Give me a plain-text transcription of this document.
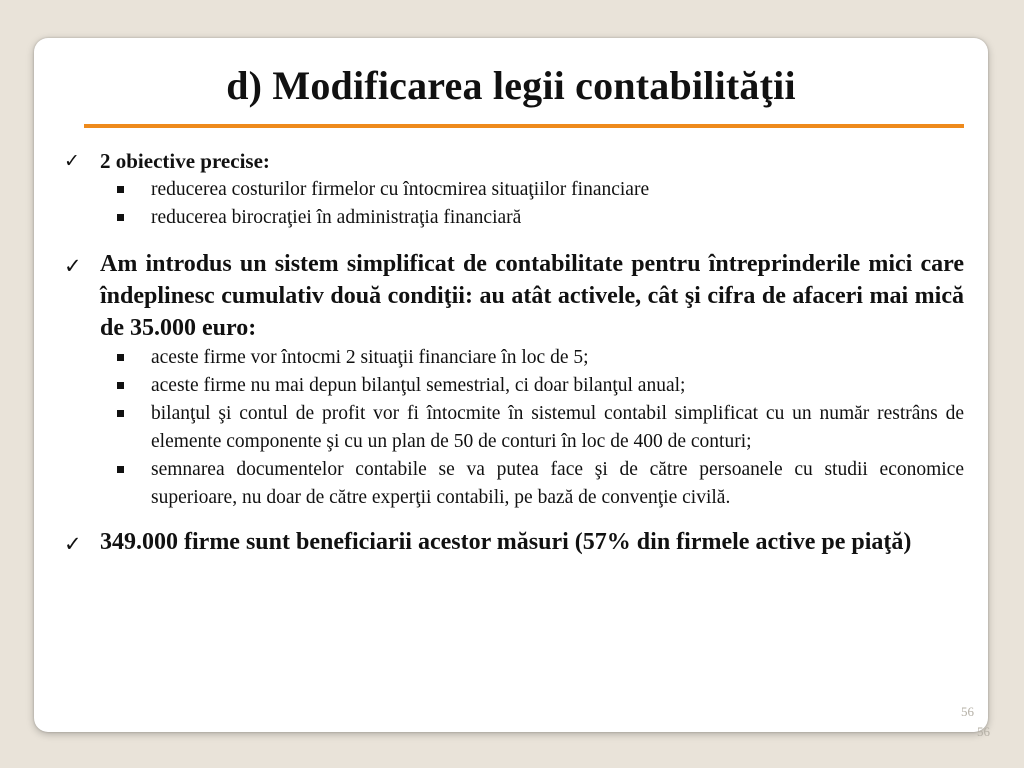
d) Modificarea legii contabilităţii
✓ 2 obiective precise:
reducerea costurilor firmelor cu întocmirea situaţiilor financiare
reducerea birocraţiei în administraţia financiară
✓ Am introdus un sistem simplificat de contabilitate pentru întreprinderile mici care îndeplinesc cumulativ două condiţii: au atât activele, cât şi cifra de afaceri mai mică de 35.000 euro:
aceste firme vor întocmi 2 situaţii financiare în loc de 5;
aceste firme nu mai depun bilanţul semestrial, ci doar bilanţul anual;
bilanţul şi contul de profit vor fi întocmite în sistemul contabil simplificat cu un număr restrâns de elemente componente şi cu un plan de 50 de conturi în loc de 400 de conturi;
semnarea documentelor contabile se va putea face şi de către persoanele cu studii economice superioare, nu doar de către experţii contabili, pe bază de convenţie civilă.
✓ 349.000 firme sunt beneficiarii acestor măsuri (57% din firmele active pe piaţă)
56
56
